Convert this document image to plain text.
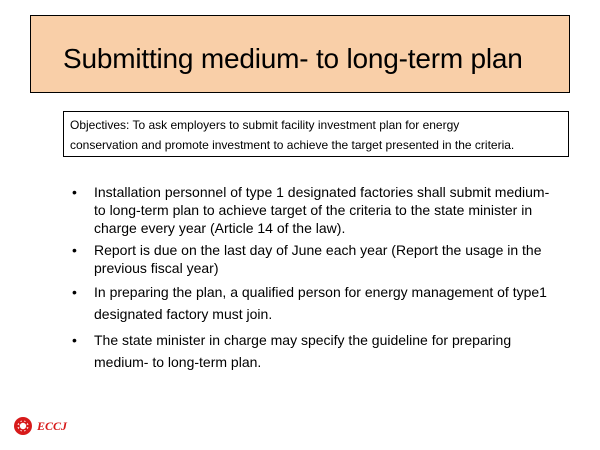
Submitting medium- to long-term plan
Objectives: To ask employers to submit facility investment plan for energy
conservation and promote investment to achieve the target presented in the criteria.
• Installation personnel of type 1 designated factories shall submit medium- to long-term plan to achieve target of the criteria to the state minister in charge every year (Article 14 of the law).
• Report is due on the last day of June each year (Report the usage in the previous fiscal year)
• In preparing the plan, a qualified person for energy management of type1 designated factory must join.
• The state minister in charge may specify the guideline for preparing medium- to long-term plan.
ECCJ
